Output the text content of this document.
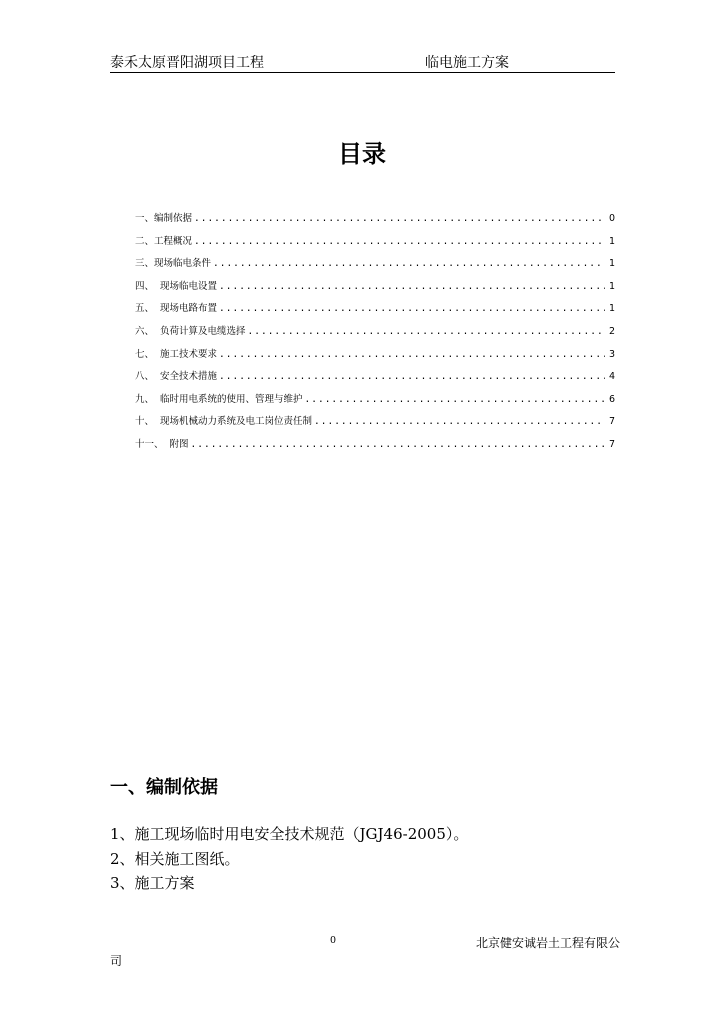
泰禾太原晋阳湖项目工程	临电施工方案
目录
一、编制依据 .....	0
二、工程概况 .....	1
三、现场临电条件 .....	1
四、  现场临电设置 .....	1
五、  现场电路布置 .....	1
六、  负荷计算及电缆选择 .....	2
七、  施工技术要求 .....	3
八、  安全技术措施 .....	4
九、  临时用电系统的使用、管理与维护 .....	6
十、  现场机械动力系统及电工岗位责任制 .....	7
十一、  附图 .....	7
一、编制依据
1、施工现场临时用电安全技术规范（JGJ46-2005）。
2、相关施工图纸。
3、施工方案
0	北京健安诚岩土工程有限公
司
